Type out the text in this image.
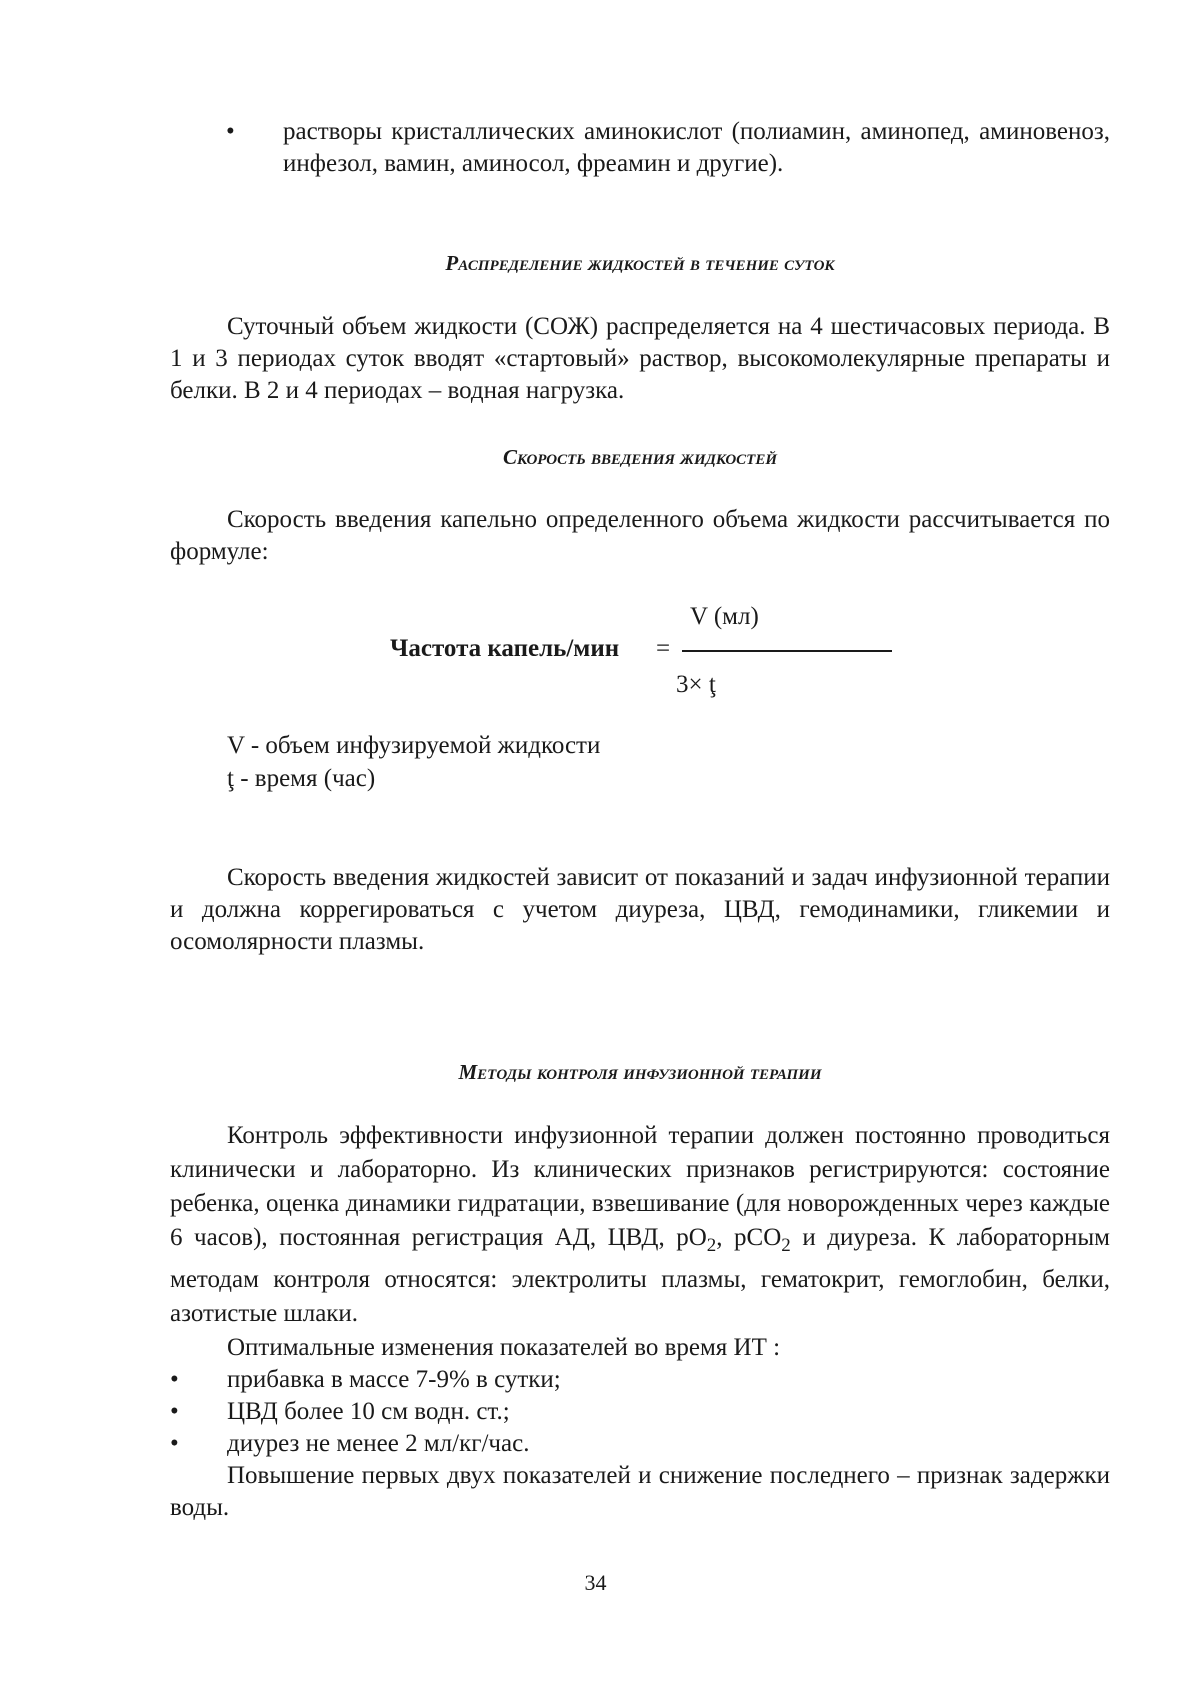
• растворы кристаллических аминокислот (полиамин, аминопед, аминовеноз, инфезол, вамин, аминосол, фреамин и другие).
Распределение жидкостей в течение суток

Суточный объем жидкости (СОЖ) распределяется на 4 шестичасовых периода. В 1 и 3 периодах суток вводят «стартовый» раствор, высокомолекулярные препараты и белки. В 2 и 4 периодах – водная нагрузка.

Скорость введения жидкостей

Скорость введения капельно определенного объема жидкости рассчитывается по формуле:

Частота капель/мин =
V (мл)
3× ţ

V - объем инфузируемой жидкости

ţ - время (час)

Скорость введения жидкостей зависит от показаний и задач инфузионной терапии и должна коррегироваться с учетом диуреза, ЦВД, гемодинамики, гликемии и осомолярности плазмы.

Методы контроля инфузионной терапии

Контроль эффективности инфузионной терапии должен постоянно проводиться клинически и лабораторно. Из клинических признаков регистрируются: состояние ребенка, оценка динамики гидратации, взвешивание (для новорожденных через каждые 6 часов), постоянная регистрация АД, ЦВД, $рО_2$, рСО$_2$ и диуреза. К лабораторным методам контроля относятся: электролиты плазмы, гематокрит, гемоглобин, белки, азотистые шлаки.

Оптимальные изменения показателей во время ИТ :

• прибавка в массе 7-9% в сутки;
• ЦВД более 10 см водн. ст.;
• диурез не менее 2 мл/кг/час.

Повышение первых двух показателей и снижение последнего – признак задержки воды.

34
